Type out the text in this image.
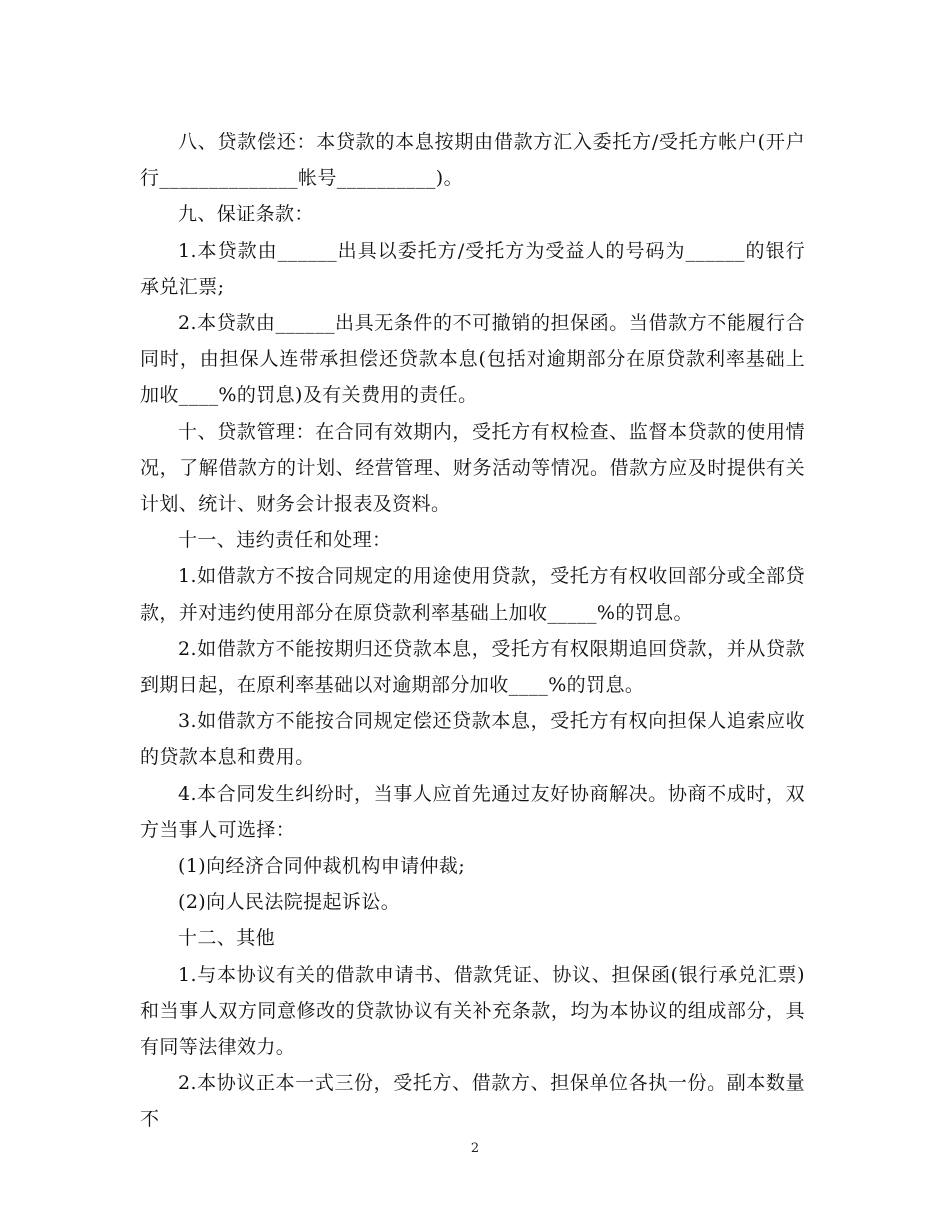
八、贷款偿还：本贷款的本息按期由借款方汇入委托方/受托方帐户(开户行______________帐号__________)。

九、保证条款：

1.本贷款由______出具以委托方/受托方为受益人的号码为______的银行承兑汇票;

2.本贷款由______出具无条件的不可撤销的担保函。当借款方不能履行合同时，由担保人连带承担偿还贷款本息(包括对逾期部分在原贷款利率基础上加收____%的罚息)及有关费用的责任。

十、贷款管理：在合同有效期内，受托方有权检查、监督本贷款的使用情况，了解借款方的计划、经营管理、财务活动等情况。借款方应及时提供有关计划、统计、财务会计报表及资料。

十一、违约责任和处理：

1.如借款方不按合同规定的用途使用贷款，受托方有权收回部分或全部贷款，并对违约使用部分在原贷款利率基础上加收_____%的罚息。

2.如借款方不能按期归还贷款本息，受托方有权限期追回贷款，并从贷款到期日起，在原利率基础以对逾期部分加收____%的罚息。

3.如借款方不能按合同规定偿还贷款本息，受托方有权向担保人追索应收的贷款本息和费用。

4.本合同发生纠纷时，当事人应首先通过友好协商解决。协商不成时，双方当事人可选择：

(1)向经济合同仲裁机构申请仲裁;

(2)向人民法院提起诉讼。

十二、其他

1.与本协议有关的借款申请书、借款凭证、协议、担保函(银行承兑汇票)和当事人双方同意修改的贷款协议有关补充条款，均为本协议的组成部分，具有同等法律效力。

2.本协议正本一式三份，受托方、借款方、担保单位各执一份。副本数量不

2
